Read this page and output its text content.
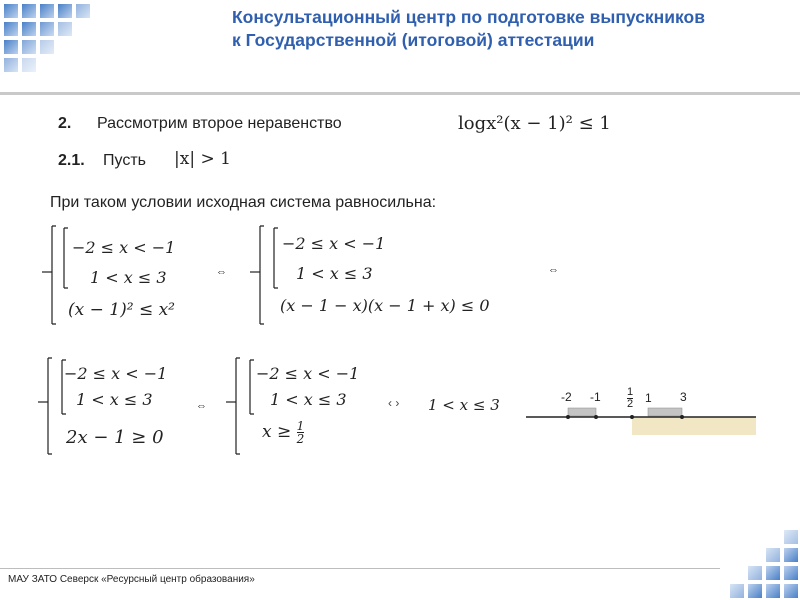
Консультационный центр по подготовке выпускников
к Государственной (итоговой) аттестации
2. Рассмотрим второе неравенство	logx²(x − 1)² ≤ 1
2.1. Пусть |x| > 1
При таком условии исходная система равносильна:
−2 ≤ x < −1
1 < x ≤ 3
(x − 1)² ≤ x²
⇔
−2 ≤ x < −1
1 < x ≤ 3
(x − 1 − x)(x − 1 + x) ≤ 0
⇔
−2 ≤ x < −1
1 < x ≤ 3
2x − 1 ≥ 0
⇔
−2 ≤ x < −1
1 < x ≤ 3
$x \ge \frac{1}{2}$
‹ › 1 < x ≤ 3	-2 $-1 \frac{1}{2} 1$ 3
МАУ ЗАТО Северск «Ресурсный центр образования»
